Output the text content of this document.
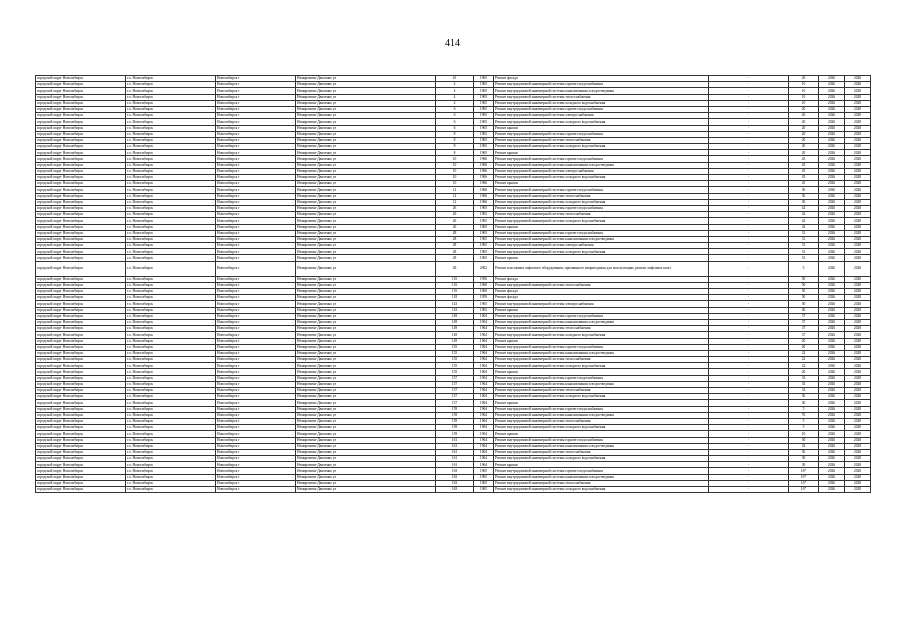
414
городской округ Новосибирск	г.о. Новосибирск	Новосибирск г	Немировича-Данченко ул	61	1965	Ремонт фасада	-	26	2026	2028
городской округ Новосибирск	г.о. Новосибирск	Новосибирск г	Немировича-Данченко ул	4	1965	Ремонт внутридомовой инженерной системы горячего водоснабжения	-	10	2026	2028
городской округ Новосибирск	г.о. Новосибирск	Новосибирск г	Немировича-Данченко ул	4	1965	Ремонт внутридомовой инженерной системы канализования и водоотведения	-	10	2026	2028
городской округ Новосибирск	г.о. Новосибирск	Новосибирск г	Немировича-Данченко ул	4	1965	Ремонт внутридомовой инженерной системы теплоснабжения	-	10	2026	2028
городской округ Новосибирск	г.о. Новосибирск	Новосибирск г	Немировича-Данченко ул	4	1965	Ремонт внутридомовой инженерной системы холодного водоснабжения	-	10	2026	2028
городской округ Новосибирск	г.о. Новосибирск	Новосибирск г	Немировича-Данченко ул	6	1965	Ремонт внутридомовой инженерной системы горячего водоснабжения	-	20	2026	2028
городской округ Новосибирск	г.о. Новосибирск	Новосибирск г	Немировича-Данченко ул	6	1965	Ремонт внутридомовой инженерной системы электроснабжения	-	20	2026	2028
городской округ Новосибирск	г.о. Новосибирск	Новосибирск г	Немировича-Данченко ул	6	1965	Ремонт внутридомовой инженерной системы холодного водоснабжения	-	20	2026	2028
городской округ Новосибирск	г.о. Новосибирск	Новосибирск г	Немировича-Данченко ул	6	1965	Ремонт крыши	-	20	2026	2028
городской округ Новосибирск	г.о. Новосибирск	Новосибирск г	Немировича-Данченко ул	8	1965	Ремонт внутридомовой инженерной системы горячего водоснабжения	-	20	2026	2028
городской округ Новосибирск	г.о. Новосибирск	Новосибирск г	Немировича-Данченко ул	8	1965	Ремонт внутридомовой инженерной системы теплоснабжения	-	20	2026	2028
городской округ Новосибирск	г.о. Новосибирск	Новосибирск г	Немировича-Данченко ул	8	1965	Ремонт внутридомовой инженерной системы холодного водоснабжения	-	20	2026	2028
городской округ Новосибирск	г.о. Новосибирск	Новосибирск г	Немировича-Данченко ул	8	1965	Ремонт крыши	-	20	2026	2028
городской округ Новосибирск	г.о. Новосибирск	Новосибирск г	Немировича-Данченко ул	10	1966	Ремонт внутридомовой инженерной системы горячего водоснабжения	-	45	2026	2028
городской округ Новосибирск	г.о. Новосибирск	Новосибирск г	Немировича-Данченко ул	10	1966	Ремонт внутридомовой инженерной системы канализования и водоотведения	-	45	2026	2028
городской округ Новосибирск	г.о. Новосибирск	Новосибирск г	Немировича-Данченко ул	10	1966	Ремонт внутридомовой инженерной системы электроснабжения	-	45	2026	2028
городской округ Новосибирск	г.о. Новосибирск	Новосибирск г	Немировича-Данченко ул	10	1966	Ремонт внутридомовой инженерной системы холодного водоснабжения	-	45	2026	2028
городской округ Новосибирск	г.о. Новосибирск	Новосибирск г	Немировича-Данченко ул	10	1966	Ремонт крыши	-	45	2026	2028
городской округ Новосибирск	г.о. Новосибирск	Новосибирск г	Немировича-Данченко ул	12	1966	Ремонт внутридомовой инженерной системы горячего водоснабжения	-	30	2026	2028
городской округ Новосибирск	г.о. Новосибирск	Новосибирск г	Немировича-Данченко ул	12	1966	Ремонт внутридомовой инженерной системы теплоснабжения	-	30	2026	2028
городской округ Новосибирск	г.о. Новосибирск	Новосибирск г	Немировича-Данченко ул	12	1966	Ремонт внутридомовой инженерной системы холодного водоснабжения	-	30	2026	2028
городской округ Новосибирск	г.о. Новосибирск	Новосибирск г	Немировича-Данченко ул	26	1965	Ремонт внутридомовой инженерной системы горячего водоснабжения	-	42	2026	2028
городской округ Новосибирск	г.о. Новосибирск	Новосибирск г	Немировича-Данченко ул	26	1965	Ремонт внутридомовой инженерной системы теплоснабжения	-	42	2026	2028
городской округ Новосибирск	г.о. Новосибирск	Новосибирск г	Немировича-Данченко ул	26	1965	Ремонт внутридомовой инженерной системы холодного водоснабжения	-	42	2026	2028
городской округ Новосибирск	г.о. Новосибирск	Новосибирск г	Немировича-Данченко ул	26	1965	Ремонт крыши	-	42	2026	2028
городской округ Новосибирск	г.о. Новосибирск	Новосибирск г	Немировича-Данченко ул	28	1965	Ремонт внутридомовой инженерной системы горячего водоснабжения	-	31	2026	2028
городской округ Новосибирск	г.о. Новосибирск	Новосибирск г	Немировича-Данченко ул	28	1965	Ремонт внутридомовой инженерной системы канализования и водоотведения	-	31	2026	2028
городской округ Новосибирск	г.о. Новосибирск	Новосибирск г	Немировича-Данченко ул	28	1965	Ремонт внутридомовой инженерной системы электроснабжения	-	31	2026	2028
городской округ Новосибирск	г.о. Новосибирск	Новосибирск г	Немировича-Данченко ул	28	1965	Ремонт внутридомовой инженерной системы холодного водоснабжения	-	31	2026	2028
городской округ Новосибирск	г.о. Новосибирск	Новосибирск г	Немировича-Данченко ул	28	1965	Ремонт крыши	-	31	2026	2028
городской округ Новосибирск	г.о. Новосибирск	Новосибирск г	Немировича-Данченко ул	49	2002	Ремонт или замена лифтового оборудования, признанного непригодным для эксплуатации, ремонт лифтовых шахт	-	5	2026	2028
городской округ Новосибирск	г.о. Новосибирск	Новосибирск г	Немировича-Данченко ул	110	1956	Ремонт фасада	-	50	2026	2028
городской округ Новосибирск	г.о. Новосибирск	Новосибирск г	Немировича-Данченко ул	116	1960	Ремонт внутридомовой инженерной системы теплоснабжения	-	50	2026	2028
городской округ Новосибирск	г.о. Новосибирск	Новосибирск г	Немировича-Данченко ул	116	1960	Ремонт фасада	-	50	2026	2028
городской округ Новосибирск	г.о. Новосибирск	Новосибирск г	Немировича-Данченко ул	118	1959	Ремонт фасада	-	50	2026	2028
городской округ Новосибирск	г.о. Новосибирск	Новосибирск г	Немировича-Данченко ул	143	1965	Ремонт внутридомовой инженерной системы электроснабжения	-	50	2026	2028
городской округ Новосибирск	г.о. Новосибирск	Новосибирск г	Немировича-Данченко ул	143	1965	Ремонт крыши	-	40	2026	2028
городской округ Новосибирск	г.о. Новосибирск	Новосибирск г	Немировича-Данченко ул	149	1964	Ремонт внутридомовой инженерной системы горячего водоснабжения	-	37	2026	2028
городской округ Новосибирск	г.о. Новосибирск	Новосибирск г	Немировича-Данченко ул	149	1964	Ремонт внутридомовой инженерной системы канализования и водоотведения	-	37	2026	2028
городской округ Новосибирск	г.о. Новосибирск	Новосибирск г	Немировича-Данченко ул	149	1964	Ремонт внутридомовой инженерной системы теплоснабжения	-	37	2026	2028
городской округ Новосибирск	г.о. Новосибирск	Новосибирск г	Немировича-Данченко ул	149	1964	Ремонт внутридомовой инженерной системы холодного водоснабжения	-	37	2026	2028
городской округ Новосибирск	г.о. Новосибирск	Новосибирск г	Немировича-Данченко ул	149	1964	Ремонт крыши	-	20	2026	2028
городской округ Новосибирск	г.о. Новосибирск	Новосибирск г	Немировича-Данченко ул	155	1964	Ремонт внутридомовой инженерной системы горячего водоснабжения	-	20	2026	2028
городской округ Новосибирск	г.о. Новосибирск	Новосибирск г	Немировича-Данченко ул	155	1964	Ремонт внутридомовой инженерной системы канализования и водоотведения	-	22	2026	2028
городской округ Новосибирск	г.о. Новосибирск	Новосибирск г	Немировича-Данченко ул	155	1964	Ремонт внутридомовой инженерной системы теплоснабжения	-	22	2026	2028
городской округ Новосибирск	г.о. Новосибирск	Новосибирск г	Немировича-Данченко ул	155	1964	Ремонт внутридомовой инженерной системы холодного водоснабжения	-	22	2026	2028
городской округ Новосибирск	г.о. Новосибирск	Новосибирск г	Немировича-Данченко ул	155	1964	Ремонт крыши	-	20	2026	2028
городской округ Новосибирск	г.о. Новосибирск	Новосибирск г	Немировича-Данченко ул	157	1964	Ремонт внутридомовой инженерной системы горячего водоснабжения	-	33	2026	2028
городской округ Новосибирск	г.о. Новосибирск	Новосибирск г	Немировича-Данченко ул	157	1964	Ремонт внутридомовой инженерной системы канализования и водоотведения	-	33	2026	2028
городской округ Новосибирск	г.о. Новосибирск	Новосибирск г	Немировича-Данченко ул	157	1964	Ремонт внутридомовой инженерной системы теплоснабжения	-	33	2026	2028
городской округ Новосибирск	г.о. Новосибирск	Новосибирск г	Немировича-Данченко ул	157	1964	Ремонт внутридомовой инженерной системы холодного водоснабжения	-	30	2026	2028
городской округ Новосибирск	г.о. Новосибирск	Новосибирск г	Немировича-Данченко ул	157	1964	Ремонт крыши	-	30	2026	2028
городской округ Новосибирск	г.о. Новосибирск	Новосибирск г	Немировича-Данченко ул	159	1964	Ремонт внутридомовой инженерной системы горячего водоснабжения	-	5	2026	2028
городской округ Новосибирск	г.о. Новосибирск	Новосибирск г	Немировича-Данченко ул	159	1964	Ремонт внутридомовой инженерной системы канализования и водоотведения	-	76	2026	2028
городской округ Новосибирск	г.о. Новосибирск	Новосибирск г	Немировича-Данченко ул	159	1964	Ремонт внутридомовой инженерной системы теплоснабжения	-	5	2026	2028
городской округ Новосибирск	г.о. Новосибирск	Новосибирск г	Немировича-Данченко ул	159	1964	Ремонт внутридомовой инженерной системы холодного водоснабжения	-	5	2026	2028
городской округ Новосибирск	г.о. Новосибирск	Новосибирск г	Немировича-Данченко ул	159	1964	Ремонт крыши	-	10	2026	2028
городской округ Новосибирск	г.о. Новосибирск	Новосибирск г	Немировича-Данченко ул	161	1964	Ремонт внутридомовой инженерной системы горячего водоснабжения	-	30	2026	2028
городской округ Новосибирск	г.о. Новосибирск	Новосибирск г	Немировича-Данченко ул	161	1964	Ремонт внутридомовой инженерной системы канализования и водоотведения	-	32	2026	2028
городской округ Новосибирск	г.о. Новосибирск	Новосибирск г	Немировича-Данченко ул	161	1964	Ремонт внутридомовой инженерной системы теплоснабжения	-	30	2026	2028
городской округ Новосибирск	г.о. Новосибирск	Новосибирск г	Немировича-Данченко ул	161	1964	Ремонт внутридомовой инженерной системы холодного водоснабжения	-	30	2026	2028
городской округ Новосибирск	г.о. Новосибирск	Новосибирск г	Немировича-Данченко ул	161	1964	Ремонт крыши	-	30	2026	2028
городской округ Новосибирск	г.о. Новосибирск	Новосибирск г	Немировича-Данченко ул	163	1965	Ремонт внутридомовой инженерной системы горячего водоснабжения	-	16*	2026	2028
городской округ Новосибирск	г.о. Новосибирск	Новосибирск г	Немировича-Данченко ул	163	1965	Ремонт внутридомовой инженерной системы канализования и водоотведения	-	16*	2026	2028
городской округ Новосибирск	г.о. Новосибирск	Новосибирск г	Немировича-Данченко ул	163	1965	Ремонт внутридомовой инженерной системы теплоснабжения	-	16*	2026	2028
городской округ Новосибирск	г.о. Новосибирск	Новосибирск г	Немировича-Данченко ул	163	1965	Ремонт внутридомовой инженерной системы холодного водоснабжения	-	16*	2026	2028
